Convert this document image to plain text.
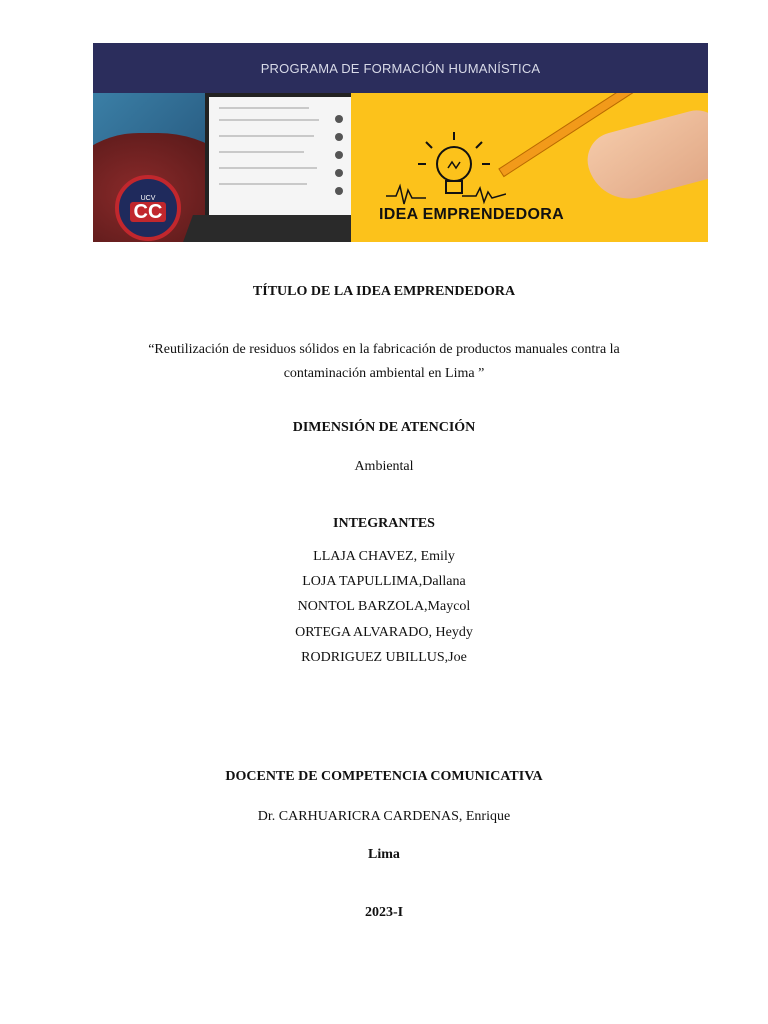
PROGRAMA DE FORMACIÓN HUMANÍSTICA
UCV
CC	IDEA EMPRENDEDORA
TÍTULO DE LA IDEA EMPRENDEDORA
“Reutilización de residuos sólidos en la fabricación de productos manuales contra la
contaminación ambiental en Lima ”
DIMENSIÓN DE ATENCIÓN
Ambiental
INTEGRANTES
LLAJA CHAVEZ, Emily
LOJA TAPULLIMA,Dallana
NONTOL BARZOLA,Maycol
ORTEGA ALVARADO, Heydy
RODRIGUEZ UBILLUS,Joe
DOCENTE DE COMPETENCIA COMUNICATIVA
Dr. CARHUARICRA CARDENAS, Enrique
Lima
2023-I
